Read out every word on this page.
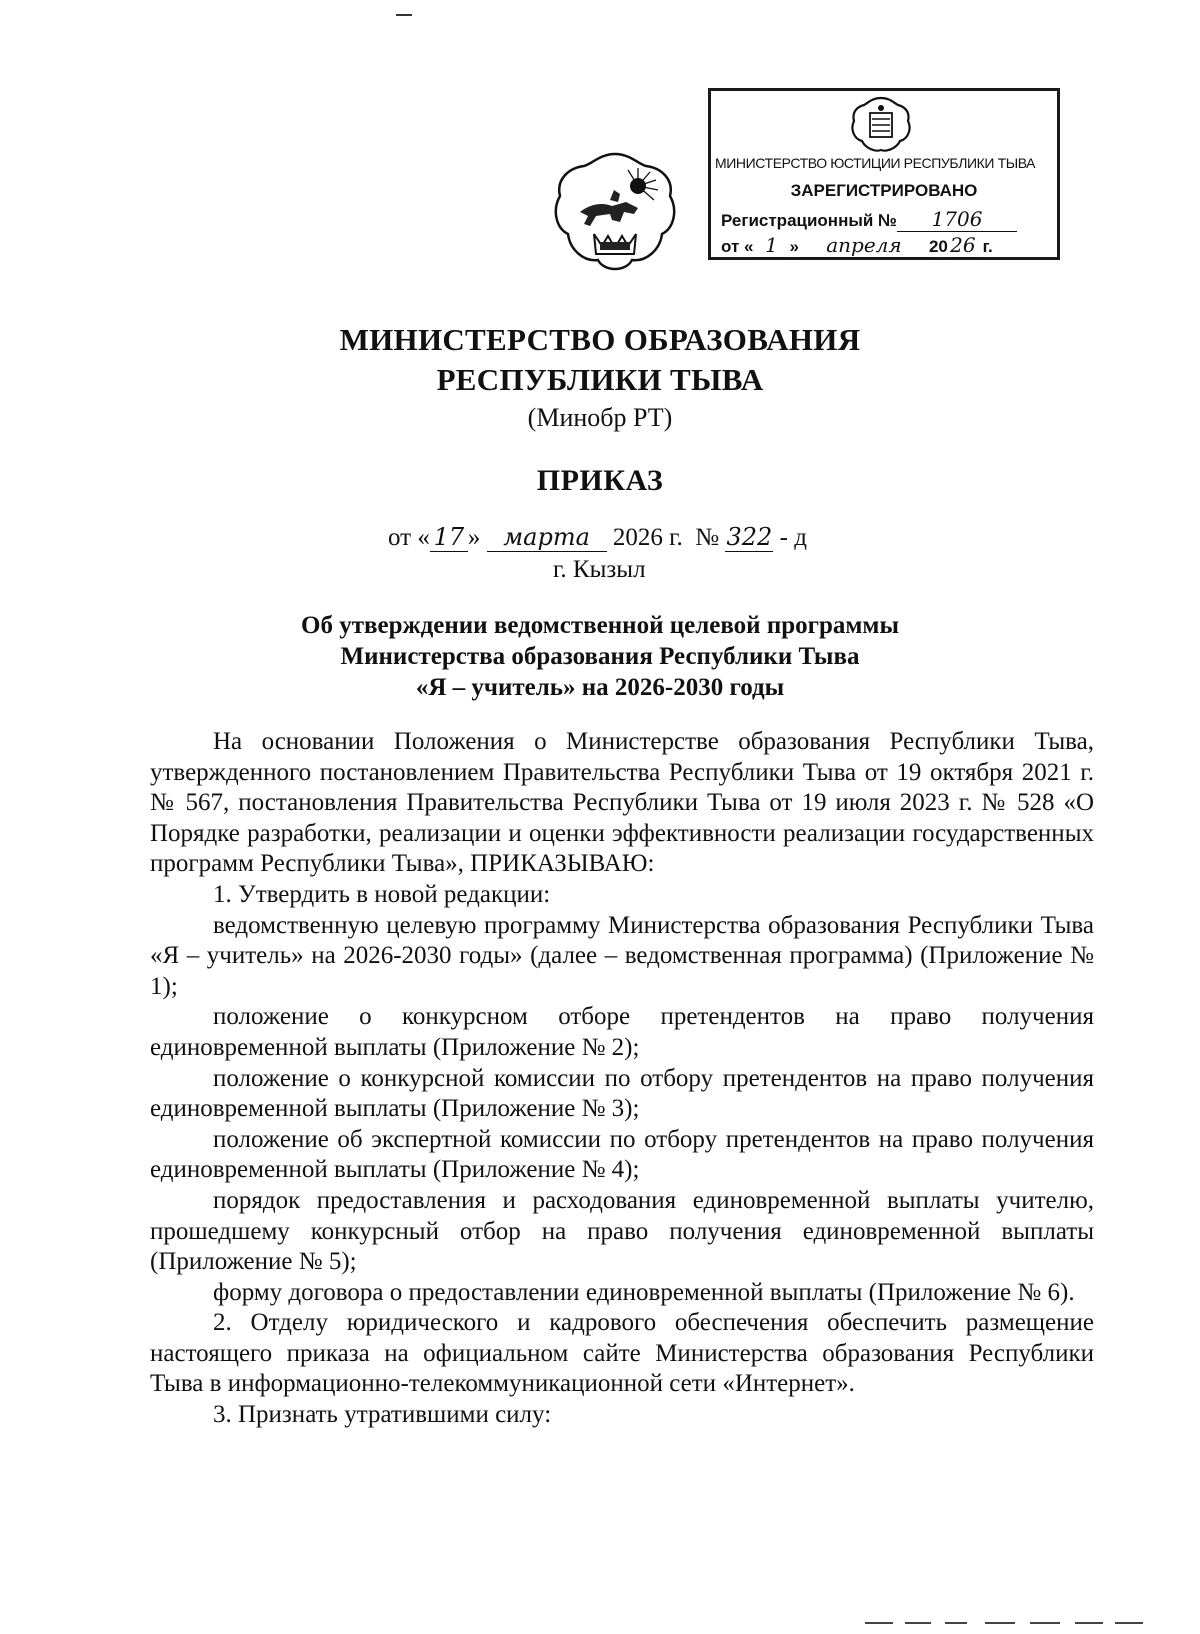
МИНИСТЕРСТВО ЮСТИЦИИ РЕСПУБЛИКИ ТЫВА
ЗАРЕГИСТРИРОВАНО
Регистрационный № 1706
от « 1 » апреля 20 26 г.
МИНИСТЕРСТВО ОБРАЗОВАНИЯ
РЕСПУБЛИКИ ТЫВА
(Минобр РТ)
ПРИКАЗ
от « 17 » марта 2026 г. № 322 - д
г. Кызыл
Об утверждении ведомственной целевой программы
Министерства образования Республики Тыва
«Я – учитель» на 2026-2030 годы

На основании Положения о Министерстве образования Республики Тыва, утвержденного постановлением Правительства Республики Тыва от 19 октября 2021 г. № 567, постановления Правительства Республики Тыва от 19 июля 2023 г. № 528 «О Порядке разработки, реализации и оценки эффективности реализации государственных программ Республики Тыва», ПРИКАЗЫВАЮ:

1. Утвердить в новой редакции:

ведомственную целевую программу Министерства образования Республики Тыва «Я – учитель» на 2026-2030 годы» (далее – ведомственная программа) (Приложение № 1);

положение о конкурсном отборе претендентов на право получения единовременной выплаты (Приложение № 2);

положение о конкурсной комиссии по отбору претендентов на право получения единовременной выплаты (Приложение № 3);

положение об экспертной комиссии по отбору претендентов на право получения единовременной выплаты (Приложение № 4);

порядок предоставления и расходования единовременной выплаты учителю, прошедшему конкурсный отбор на право получения единовременной выплаты (Приложение № 5);

форму договора о предоставлении единовременной выплаты (Приложение № 6).

2. Отделу юридического и кадрового обеспечения обеспечить размещение настоящего приказа на официальном сайте Министерства образования Республики Тыва в информационно-телекоммуникационной сети «Интернет».

3. Признать утратившими силу:
